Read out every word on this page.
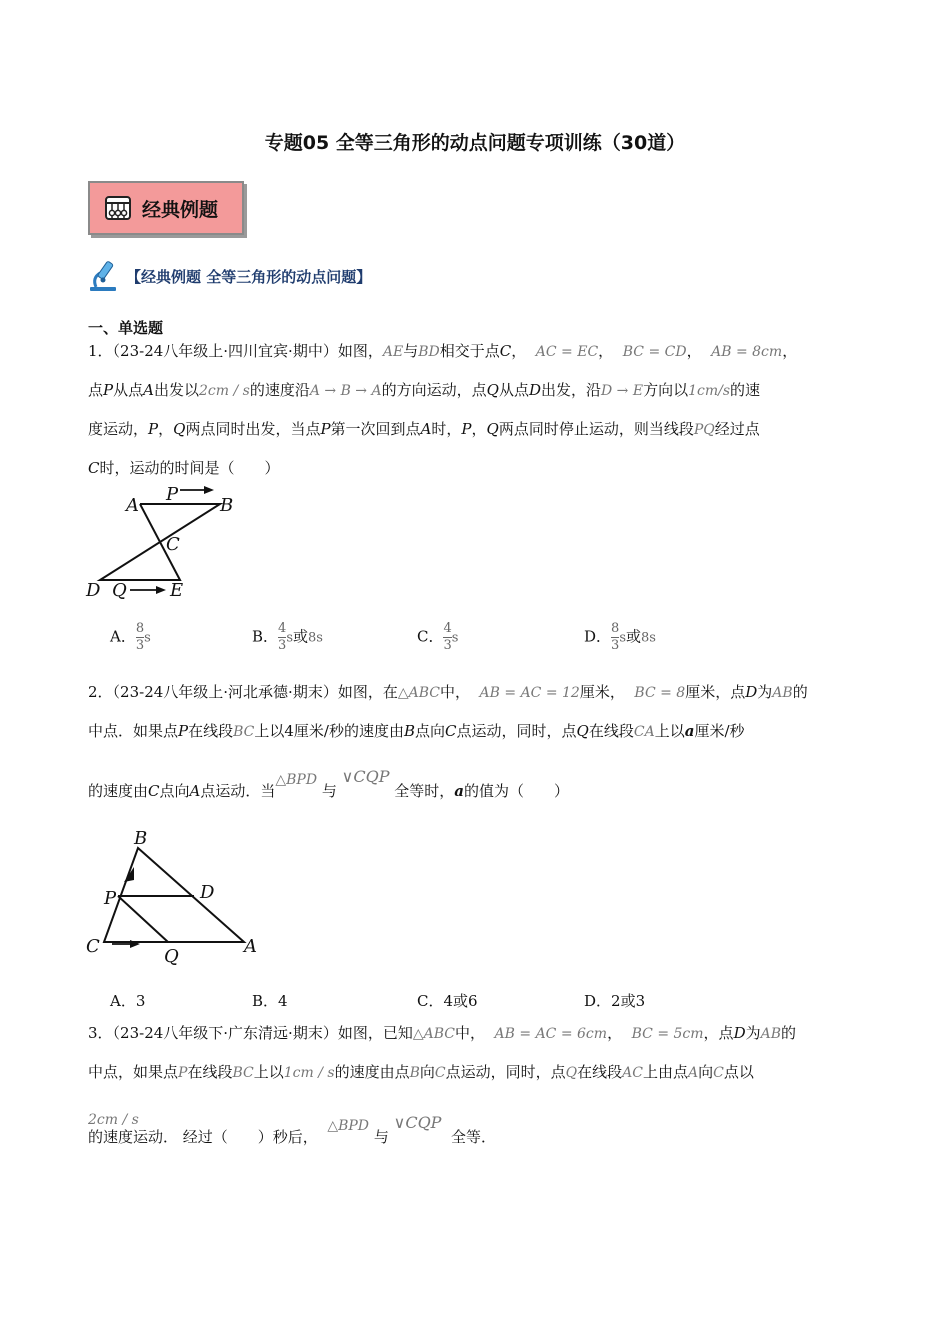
专题05 全等三角形的动点问题专项训练（30道）
经典例题
【经典例题 全等三角形的动点问题】
一、单选题
1．（23-24八年级上·四川宜宾·期中）如图，AE与BD相交于点C， AC = EC， BC = CD， AB = 8cm，
点P从点A出发以2cm / s的速度沿A → B → A的方向运动，点Q从点D出发，沿D → E方向以1cm/s的速
度运动，P，Q两点同时出发，当点P第一次回到点A时，P，Q两点同时停止运动，则当线段PQ经过点
C时，运动的时间是（　　）
A
P
B
C
D Q E
A．$\frac{8}{3}s$	B．$\frac{4}{3}s$或8s	C．$\frac{4}{3}s$	D．$\frac{8}{3}s$或8s
2．（23-24八年级上·河北承德·期末）如图，在△ABC中， AB = AC = 12厘米， BC = 8厘米，点D为AB的
中点．如果点P在线段BC上以4厘米/秒的速度由B点向C点运动，同时，点Q在线段CA上以a厘米/秒
的速度由C点向A点运动．当△BPD 与 ∨CQP 全等时，a的值为（　　）
B
P	D
C	Q	A
A．3	B．4	C．4或6	D．2或3
3．（23-24八年级下·广东清远·期末）如图，已知△ABC中， AB = AC = 6cm， BC = 5cm，点D为AB的
中点，如果点P在线段BC上以1cm / s的速度由点B向C点运动，同时，点Q在线段AC上由点A向C点以
2cm / s
的速度运动． 经过（　　）秒后，  △BPD 与 ∨CQP  全等．
